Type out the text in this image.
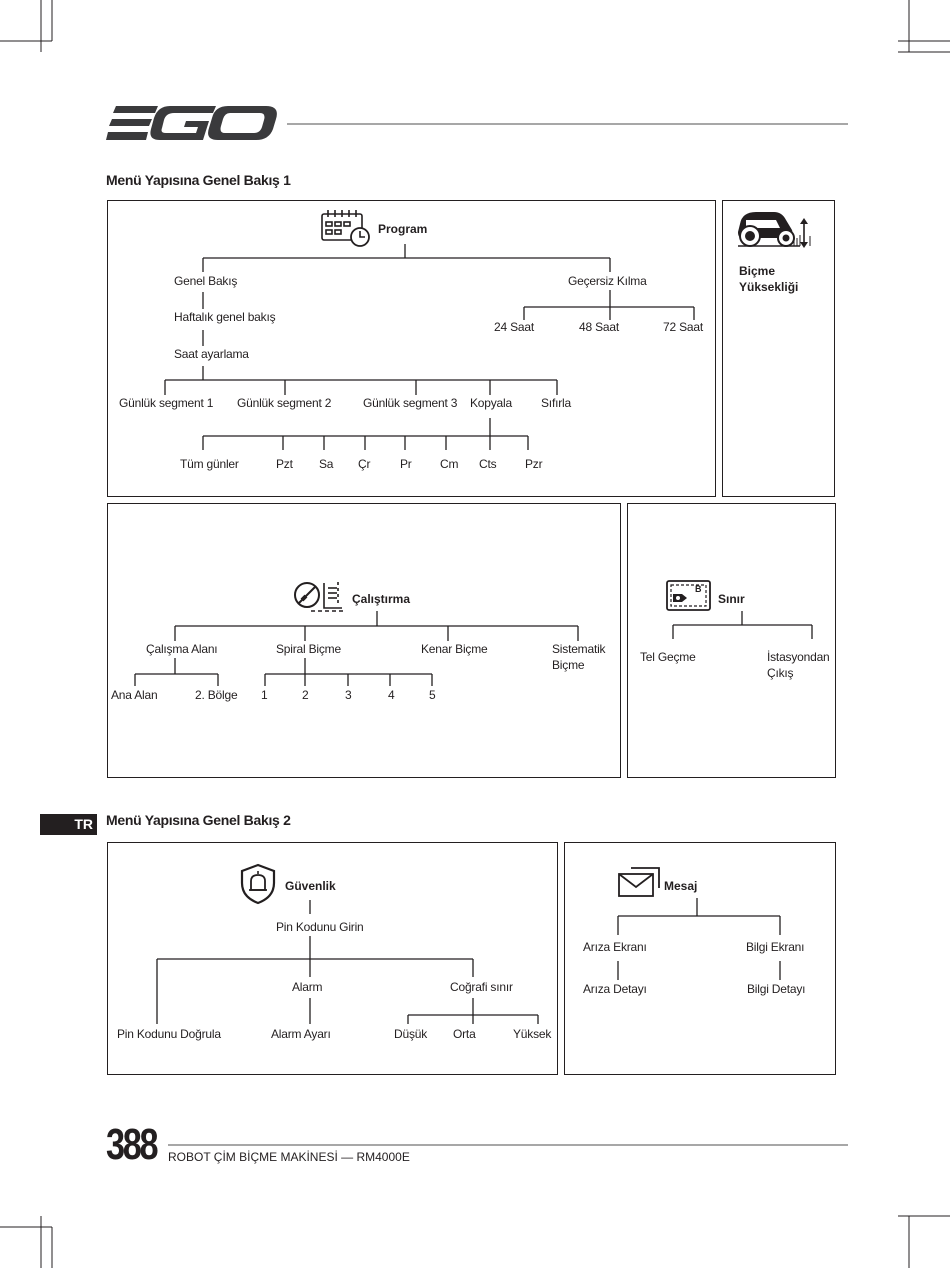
Menü Yapısına Genel Bakış 1
Program
Genel Bakış
Haftalık genel bakış
Saat ayarlama
Geçersiz Kılma
24 Saat	48 Saat	72 Saat
Günlük segment 1 Günlük segment 2	Günlük segment 3 Kopyala Sıfırla
Tüm günler	Pzt Sa Çr Pr Cm Cts Pzr
Biçme
Yüksekliği
Çalıştırma
Çalışma Alanı	Spiral Biçme	Kenar Biçme	Sistematik
Biçme
Ana Alan	2. Bölge 1	2	3	4	5
B
Sınır
Tel Geçme	İstasyondan
Çıkış
TR Menü Yapısına Genel Bakış 2
Güvenlik
Pin Kodunu Girin
Alarm	Coğrafi sınır
Pin Kodunu Doğrula	Alarm Ayarı	Düşük Orta	Yüksek
Mesaj
Arıza Ekranı	Bilgi Ekranı
Arıza Detayı	Bilgi Detayı
388 ROBOT ÇİM BİÇME MAKİNESİ — RM4000E
